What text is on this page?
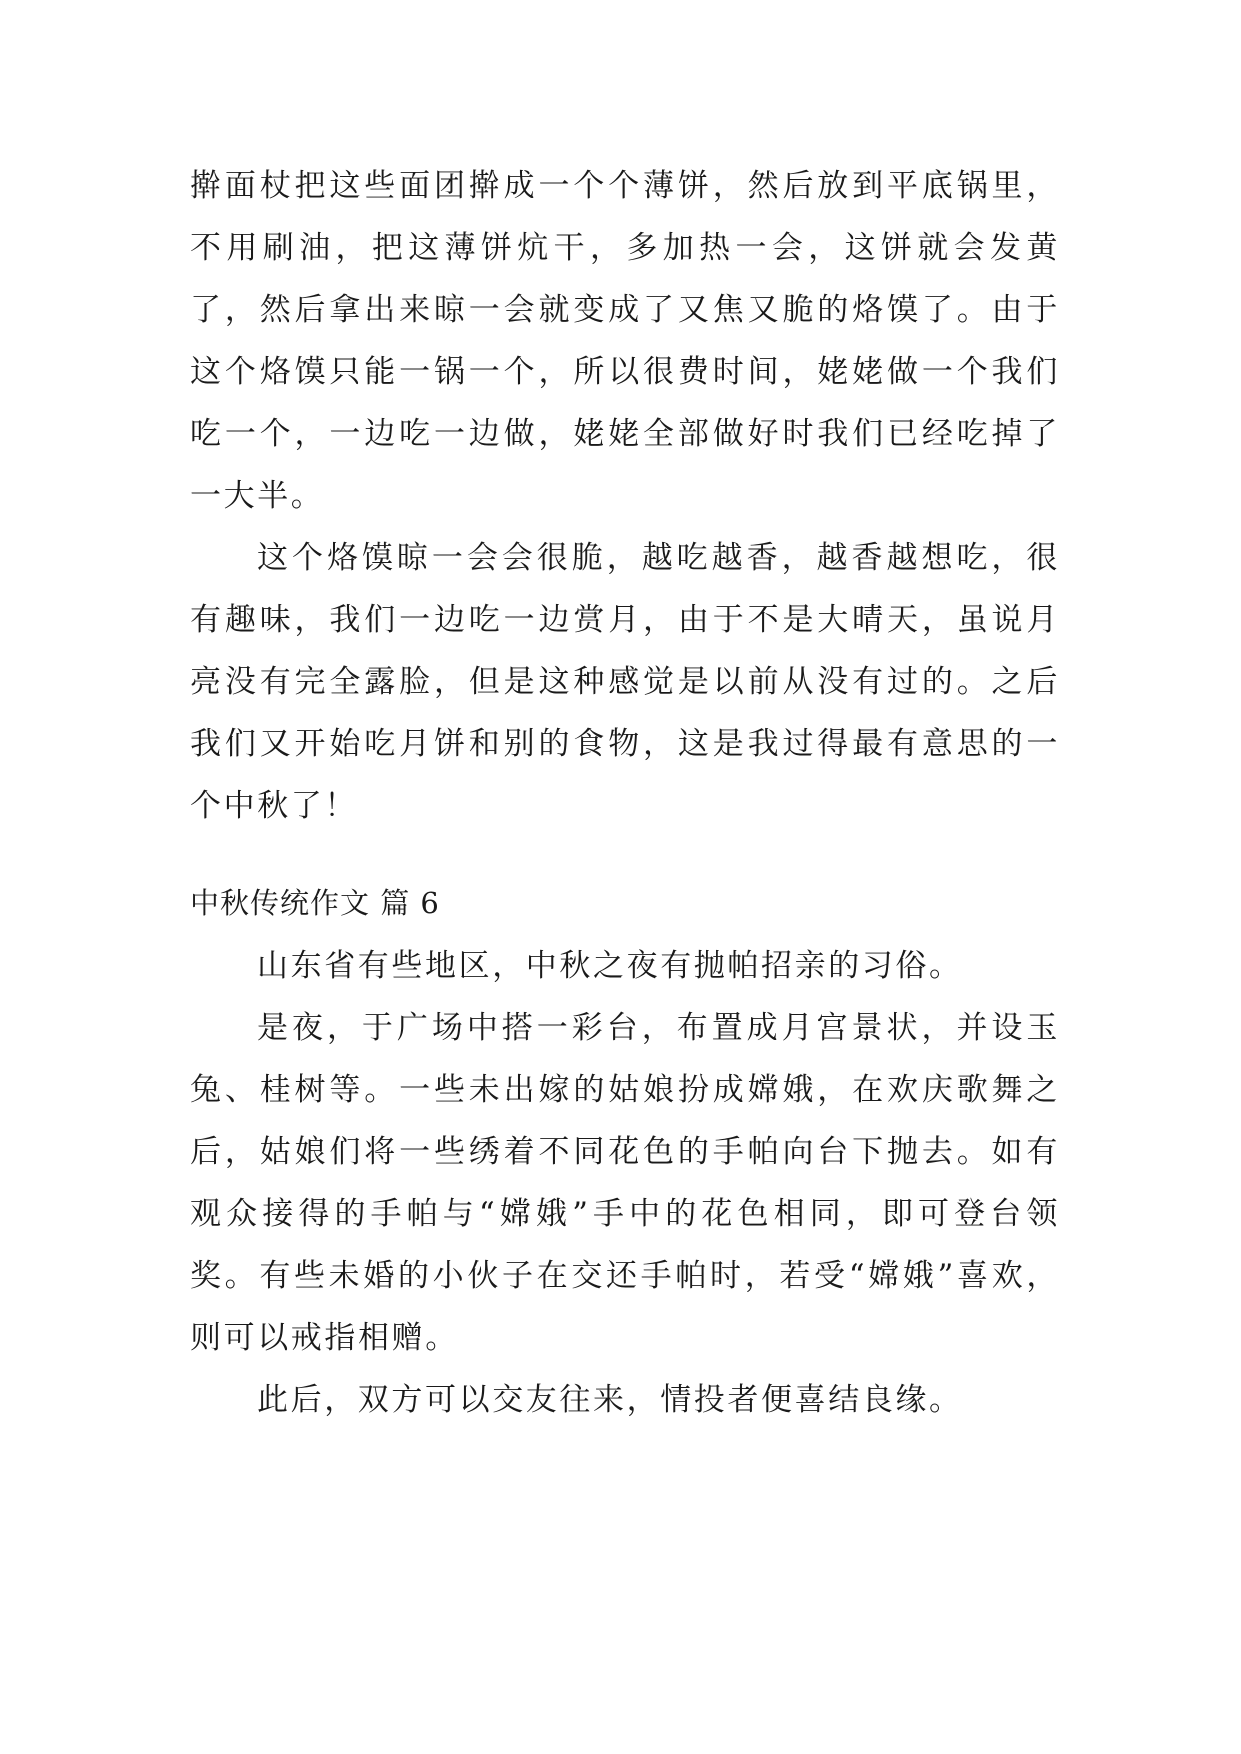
擀面杖把这些面团擀成一个个薄饼，然后放到平底锅里，不用刷油，把这薄饼炕干，多加热一会，这饼就会发黄了，然后拿出来晾一会就变成了又焦又脆的烙馍了。由于这个烙馍只能一锅一个，所以很费时间，姥姥做一个我们吃一个，一边吃一边做，姥姥全部做好时我们已经吃掉了一大半。

这个烙馍晾一会会很脆，越吃越香，越香越想吃，很有趣味，我们一边吃一边赏月，由于不是大晴天，虽说月亮没有完全露脸，但是这种感觉是以前从没有过的。之后我们又开始吃月饼和别的食物，这是我过得最有意思的一个中秋了！

中秋传统作文 篇 6

山东省有些地区，中秋之夜有抛帕招亲的习俗。

是夜，于广场中搭一彩台，布置成月宫景状，并设玉兔、桂树等。一些未出嫁的姑娘扮成嫦娥，在欢庆歌舞之后，姑娘们将一些绣着不同花色的手帕向台下抛去。如有观众接得的手帕与“嫦娥”手中的花色相同，即可登台领奖。有些未婚的小伙子在交还手帕时，若受“嫦娥”喜欢，则可以戒指相赠。

此后，双方可以交友往来，情投者便喜结良缘。
